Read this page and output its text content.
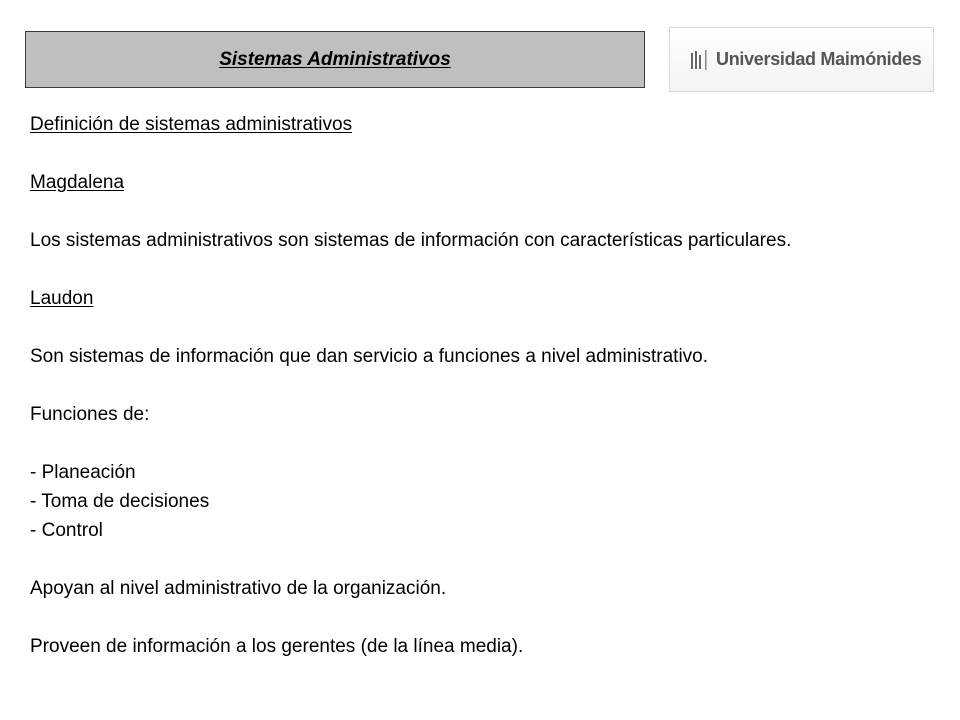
Sistemas Administrativos	Universidad Maimónides

Definición de sistemas administrativos

Magdalena

Los sistemas administrativos son sistemas de información con características particulares.

Laudon

Son sistemas de información que dan servicio a funciones a nivel administrativo.

Funciones de:

- Planeación

- Toma de decisiones

- Control

Apoyan al nivel administrativo de la organización.

Proveen de información a los gerentes (de la línea media).
